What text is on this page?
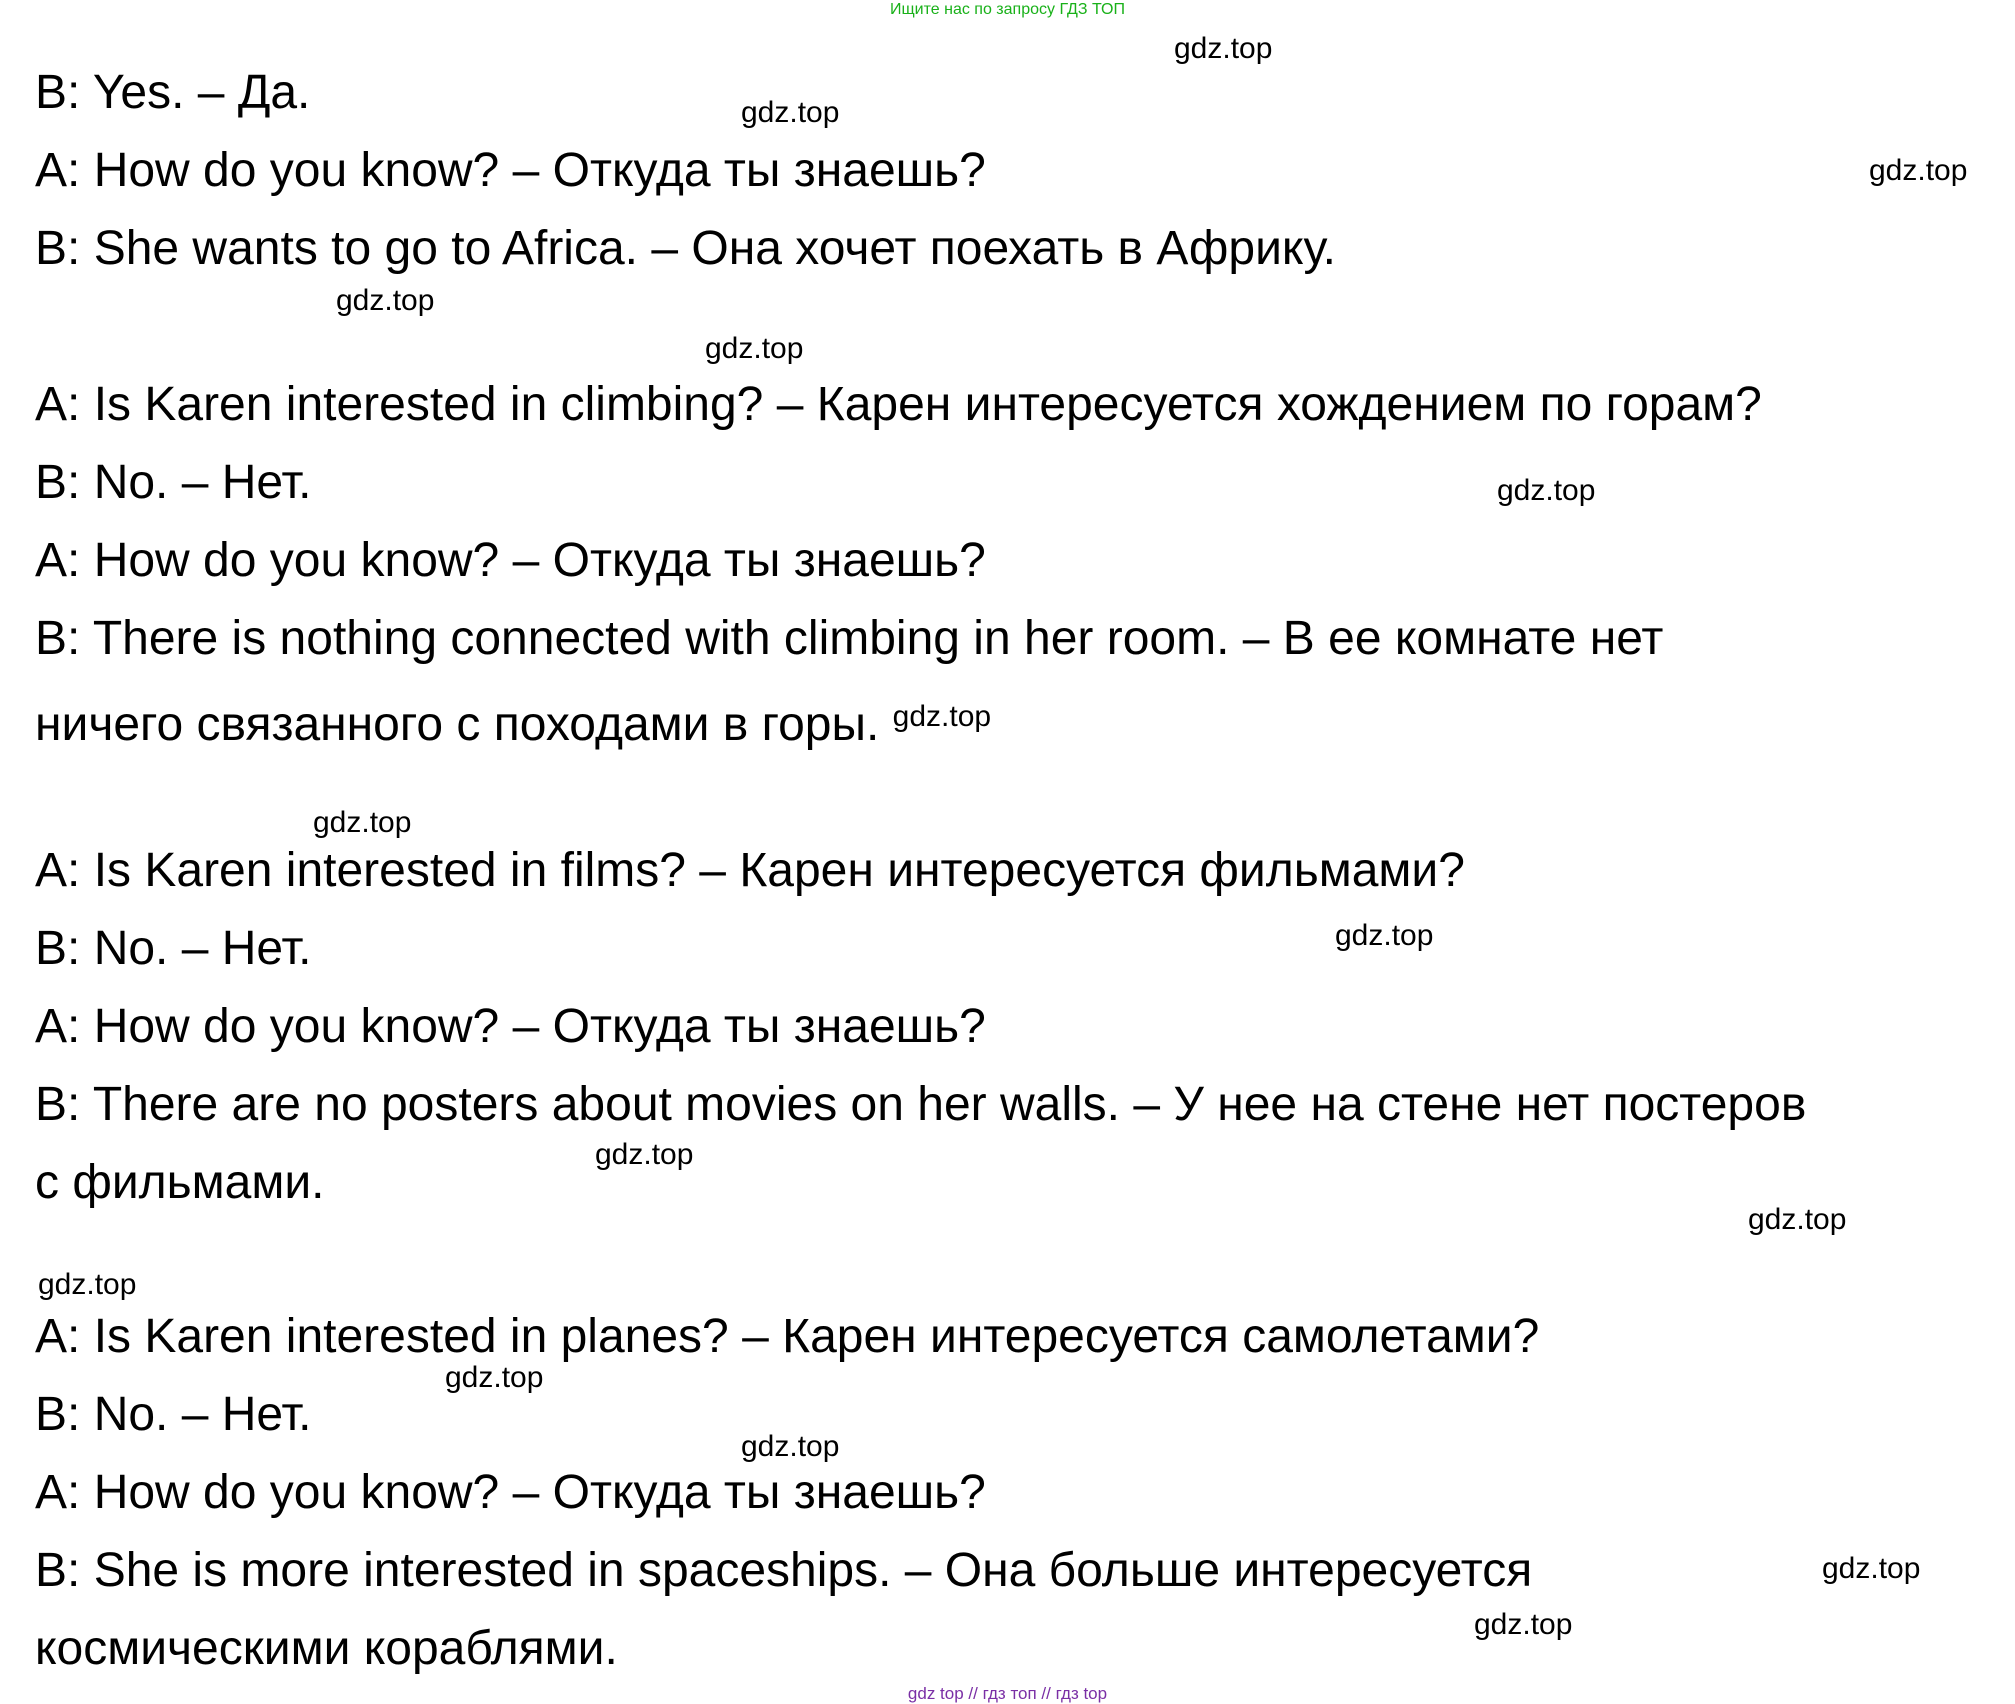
Ищите нас по запросу ГДЗ ТОП
B: Yes. – Да.
A: How do you know? – Откуда ты знаешь?
B: She wants to go to Africa. – Она хочет поехать в Африку.
A: Is Karen interested in climbing? – Карен интересуется хождением по горам?
B: No. – Нет.
A: How do you know? – Откуда ты знаешь?
B: There is nothing connected with climbing in her room. – В ее комнате нет
ничего связанного с походами в горы. $^{gdz.top}$
A: Is Karen interested in films? – Карен интересуется фильмами?
B: No. – Нет.
A: How do you know? – Откуда ты знаешь?
B: There are no posters about movies on her walls. – У нее на стене нет постеров
с фильмами.
A: Is Karen interested in planes? – Карен интересуется самолетами?
B: No. – Нет.
A: How do you know? – Откуда ты знаешь?
B: She is more interested in spaceships. – Она больше интересуется
космическими кораблями.
gdz.top
gdz.top
gdz.top
gdz.top
gdz.top
gdz.top
gdz.top
gdz.top
gdz.top
gdz.top
gdz.top
gdz.top
gdz.top
gdz.top
gdz.top
gdz top // гдз топ // гдз top
